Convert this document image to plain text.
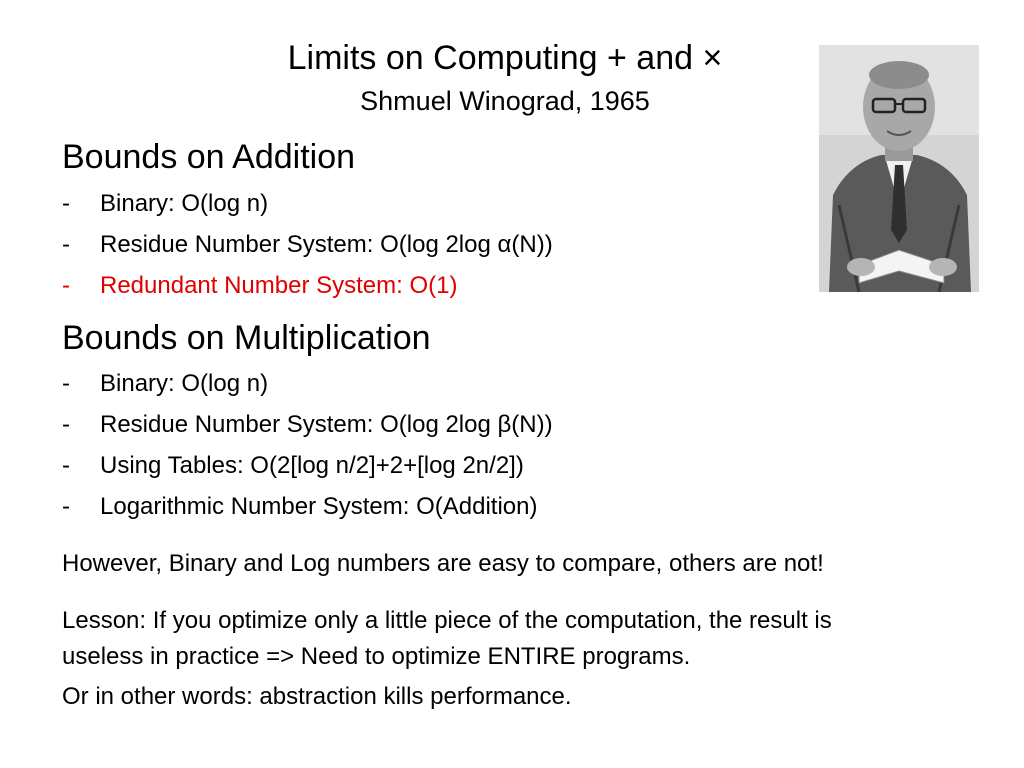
Limits on Computing + and ×
Shmuel Winograd, 1965
Bounds on Addition
- Binary: O(log n)
- Residue Number System: O(log 2log α(N))
- Redundant Number System: O(1)
Bounds on Multiplication
- Binary: O(log n)
- Residue Number System: O(log 2log β(N))
- Using Tables: O(2[log n/2]+2+[log 2n/2])
- Logarithmic Number System: O(Addition)
However, Binary and Log numbers are easy to compare, others are not!
Lesson: If you optimize only a little piece of the computation, the result is
useless in practice => Need to optimize ENTIRE programs.
Or in other words: abstraction kills performance.
